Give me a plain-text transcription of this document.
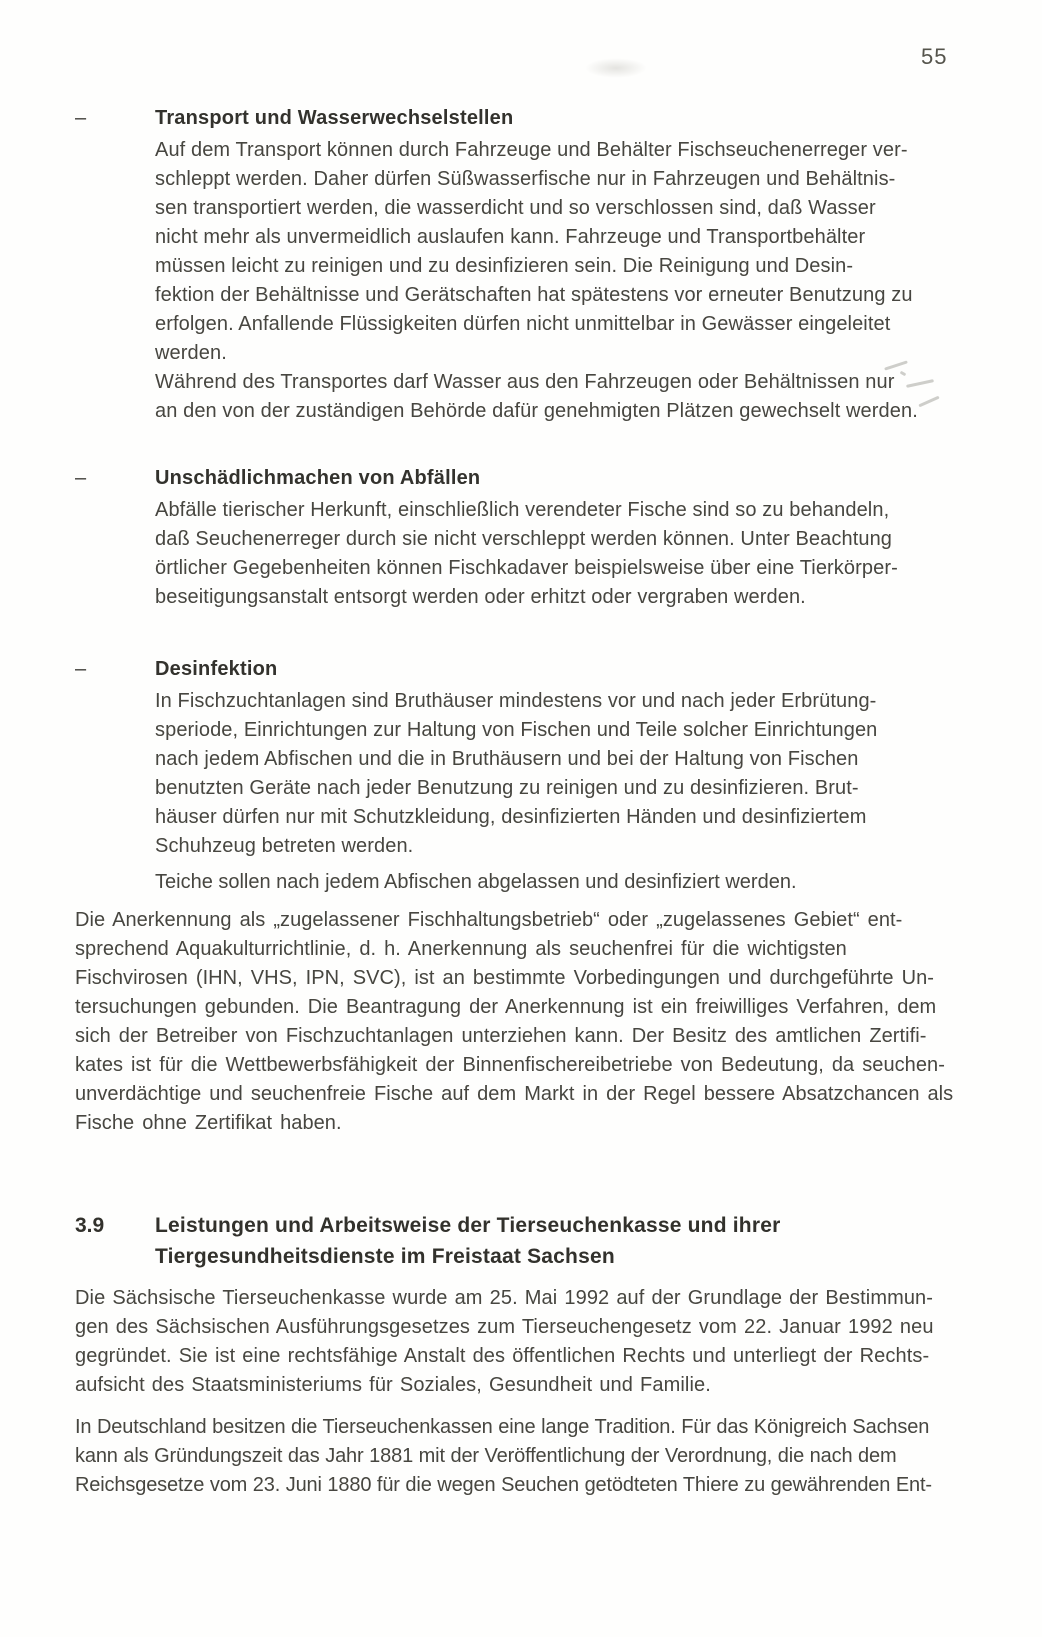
55
–	Transport und Wasserwechselstellen
Auf dem Transport können durch Fahrzeuge und Behälter Fischseuchenerreger ver-
schleppt werden. Daher dürfen Süßwasserfische nur in Fahrzeugen und Behältnis-
sen transportiert werden, die wasserdicht und so verschlossen sind, daß Wasser
nicht mehr als unvermeidlich auslaufen kann. Fahrzeuge und Transportbehälter
müssen leicht zu reinigen und zu desinfizieren sein. Die Reinigung und Desin-
fektion der Behältnisse und Gerätschaften hat spätestens vor erneuter Benutzung zu
erfolgen. Anfallende Flüssigkeiten dürfen nicht unmittelbar in Gewässer eingeleitet
werden.
Während des Transportes darf Wasser aus den Fahrzeugen oder Behältnissen nur
an den von der zuständigen Behörde dafür genehmigten Plätzen gewechselt werden.
–	Unschädlichmachen von Abfällen
Abfälle tierischer Herkunft, einschließlich verendeter Fische sind so zu behandeln,
daß Seuchenerreger durch sie nicht verschleppt werden können. Unter Beachtung
örtlicher Gegebenheiten können Fischkadaver beispielsweise über eine Tierkörper-
beseitigungsanstalt entsorgt werden oder erhitzt oder vergraben werden.
–	Desinfektion
In Fischzuchtanlagen sind Bruthäuser mindestens vor und nach jeder Erbrütung-
speriode, Einrichtungen zur Haltung von Fischen und Teile solcher Einrichtungen
nach jedem Abfischen und die in Bruthäusern und bei der Haltung von Fischen
benutzten Geräte nach jeder Benutzung zu reinigen und zu desinfizieren. Brut-
häuser dürfen nur mit Schutzkleidung, desinfizierten Händen und desinfiziertem
Schuhzeug betreten werden.
Teiche sollen nach jedem Abfischen abgelassen und desinfiziert werden.
Die Anerkennung als „zugelassener Fischhaltungsbetrieb“ oder „zugelassenes Gebiet“ ent-
sprechend Aquakulturrichtlinie, d. h. Anerkennung als seuchenfrei für die wichtigsten
Fischvirosen (IHN, VHS, IPN, SVC), ist an bestimmte Vorbedingungen und durchgeführte Un-
tersuchungen gebunden. Die Beantragung der Anerkennung ist ein freiwilliges Verfahren, dem
sich der Betreiber von Fischzuchtanlagen unterziehen kann. Der Besitz des amtlichen Zertifi-
kates ist für die Wettbewerbsfähigkeit der Binnenfischereibetriebe von Bedeutung, da seuchen-
unverdächtige und seuchenfreie Fische auf dem Markt in der Regel bessere Absatzchancen als
Fische ohne Zertifikat haben.
3.9 Leistungen und Arbeitsweise der Tierseuchenkasse und ihrer
Tiergesundheitsdienste im Freistaat Sachsen
Die Sächsische Tierseuchenkasse wurde am 25. Mai 1992 auf der Grundlage der Bestimmun-
gen des Sächsischen Ausführungsgesetzes zum Tierseuchengesetz vom 22. Januar 1992 neu
gegründet. Sie ist eine rechtsfähige Anstalt des öffentlichen Rechts und unterliegt der Rechts-
aufsicht des Staatsministeriums für Soziales, Gesundheit und Familie.
In Deutschland besitzen die Tierseuchenkassen eine lange Tradition. Für das Königreich Sachsen
kann als Gründungszeit das Jahr 1881 mit der Veröffentlichung der Verordnung, die nach dem
Reichsgesetze vom 23. Juni 1880 für die wegen Seuchen getödteten Thiere zu gewährenden Ent-
